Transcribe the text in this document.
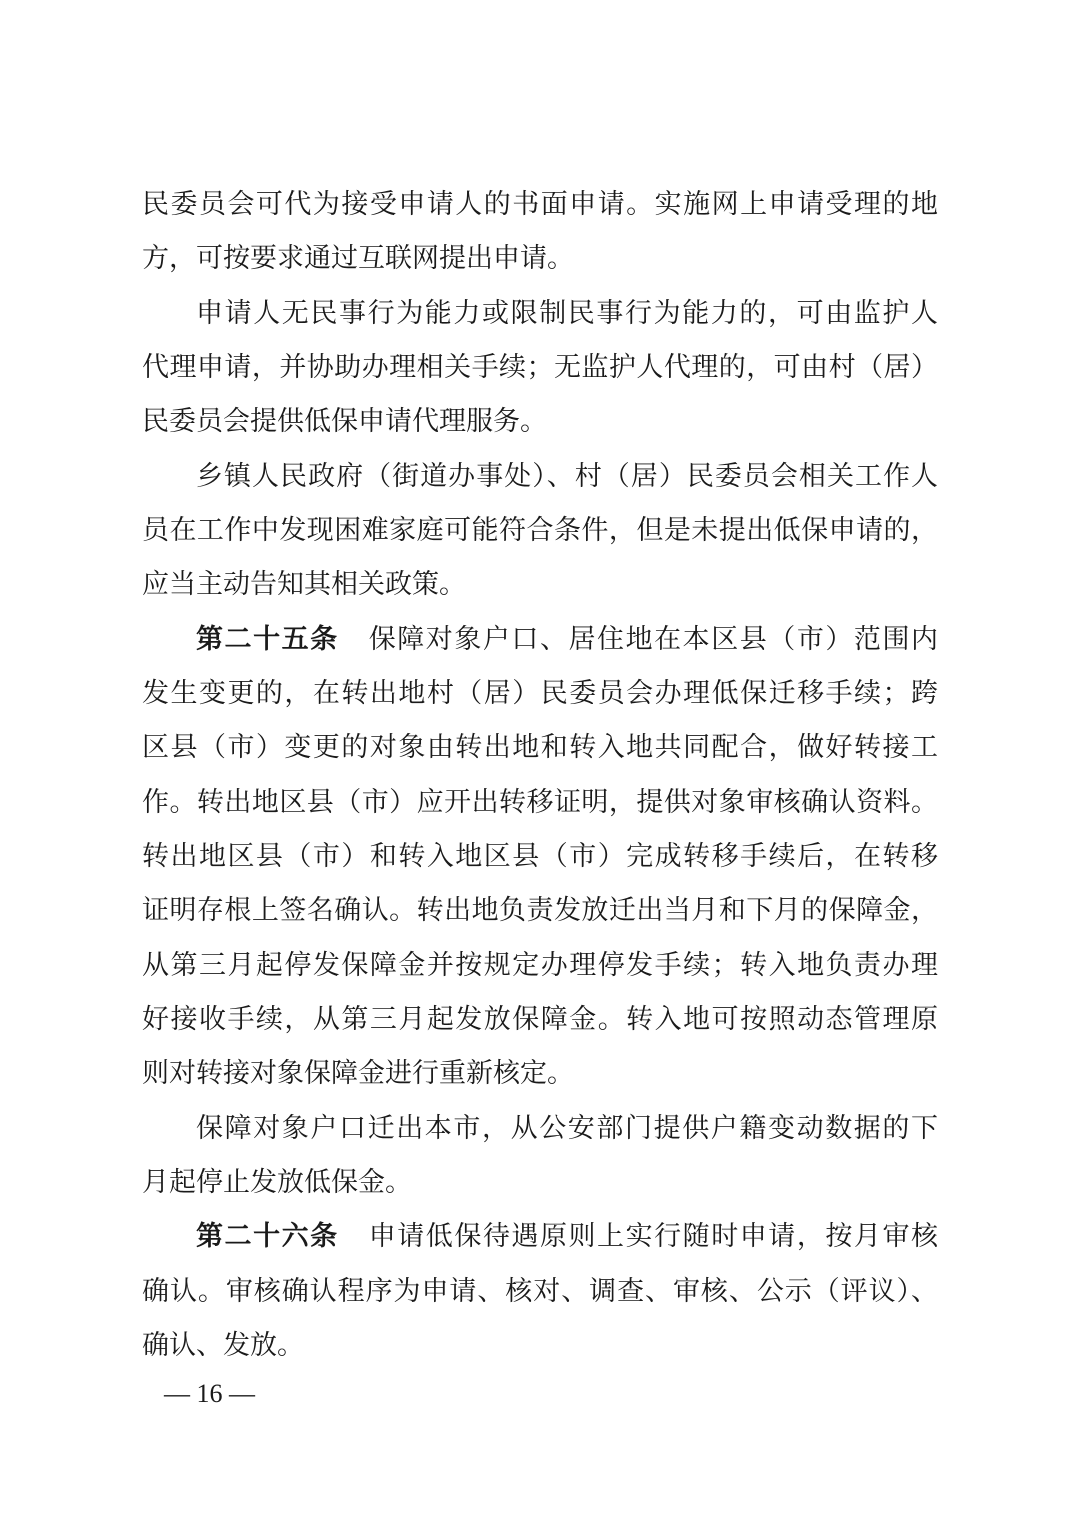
民委员会可代为接受申请人的书面申请。实施网上申请受理的地
方，可按要求通过互联网提出申请。
申请人无民事行为能力或限制民事行为能力的，可由监护人
代理申请，并协助办理相关手续；无监护人代理的，可由村（居）
民委员会提供低保申请代理服务。
乡镇人民政府（街道办事处）、村（居）民委员会相关工作人
员在工作中发现困难家庭可能符合条件，但是未提出低保申请的，
应当主动告知其相关政策。
第二十五条 保障对象户口、居住地在本区县（市）范围内
发生变更的，在转出地村（居）民委员会办理低保迁移手续；跨
区县（市）变更的对象由转出地和转入地共同配合，做好转接工
作。转出地区县（市）应开出转移证明，提供对象审核确认资料。
转出地区县（市）和转入地区县（市）完成转移手续后，在转移
证明存根上签名确认。转出地负责发放迁出当月和下月的保障金，
从第三月起停发保障金并按规定办理停发手续；转入地负责办理
好接收手续，从第三月起发放保障金。转入地可按照动态管理原
则对转接对象保障金进行重新核定。
保障对象户口迁出本市，从公安部门提供户籍变动数据的下
月起停止发放低保金。
第二十六条 申请低保待遇原则上实行随时申请，按月审核
确认。审核确认程序为申请、核对、调查、审核、公示（评议）、
确认、发放。
— 16 —
